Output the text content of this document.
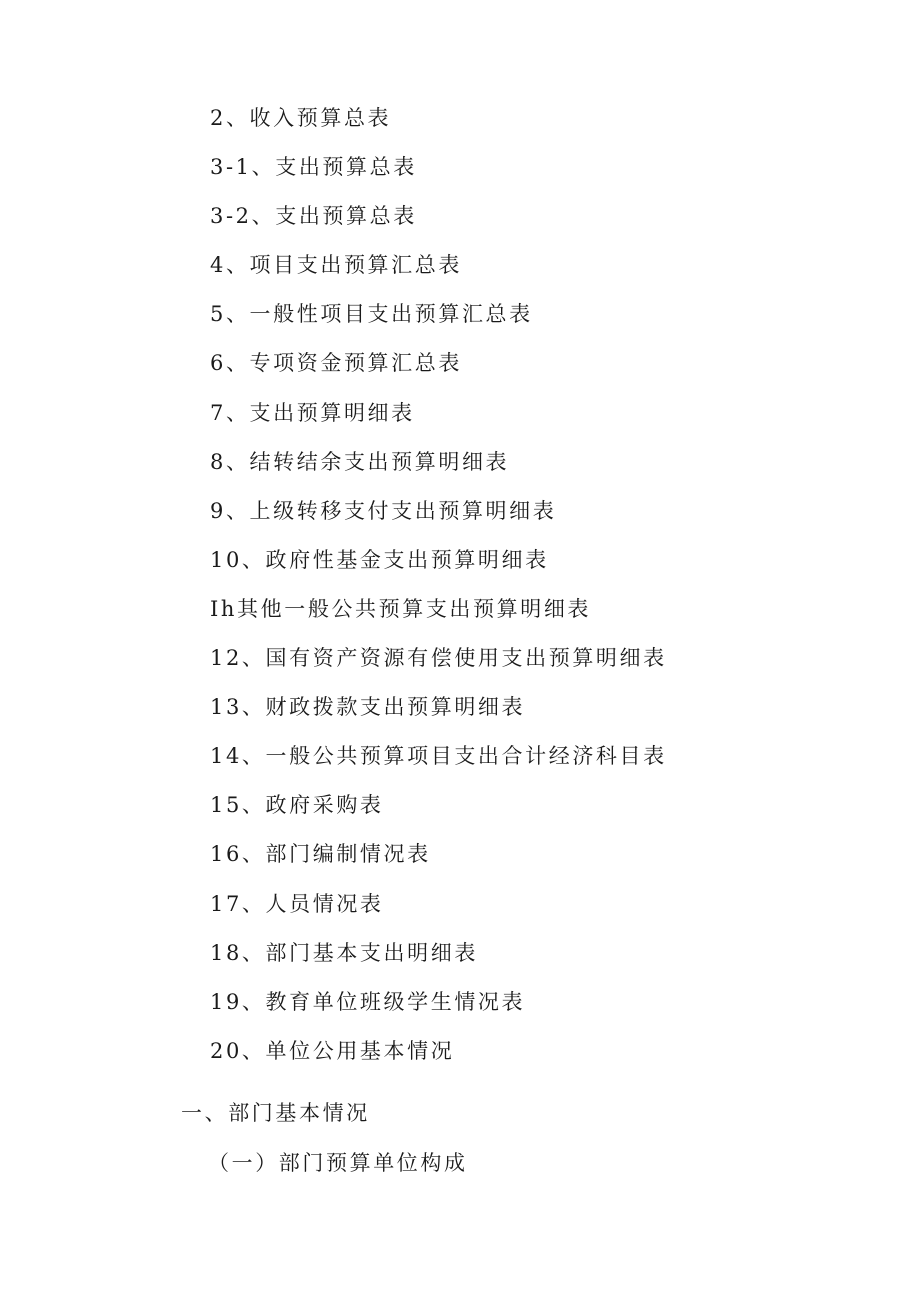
2、收入预算总表
3-1、支出预算总表
3-2、支出预算总表
4、项目支出预算汇总表
5、一般性项目支出预算汇总表
6、专项资金预算汇总表
7、支出预算明细表
8、结转结余支出预算明细表
9、上级转移支付支出预算明细表
10、政府性基金支出预算明细表
Ih其他一般公共预算支出预算明细表
12、国有资产资源有偿使用支出预算明细表
13、财政拨款支出预算明细表
14、一般公共预算项目支出合计经济科目表
15、政府采购表
16、部门编制情况表
17、人员情况表
18、部门基本支出明细表
19、教育单位班级学生情况表
20、单位公用基本情况
一、部门基本情况
（一）部门预算单位构成
